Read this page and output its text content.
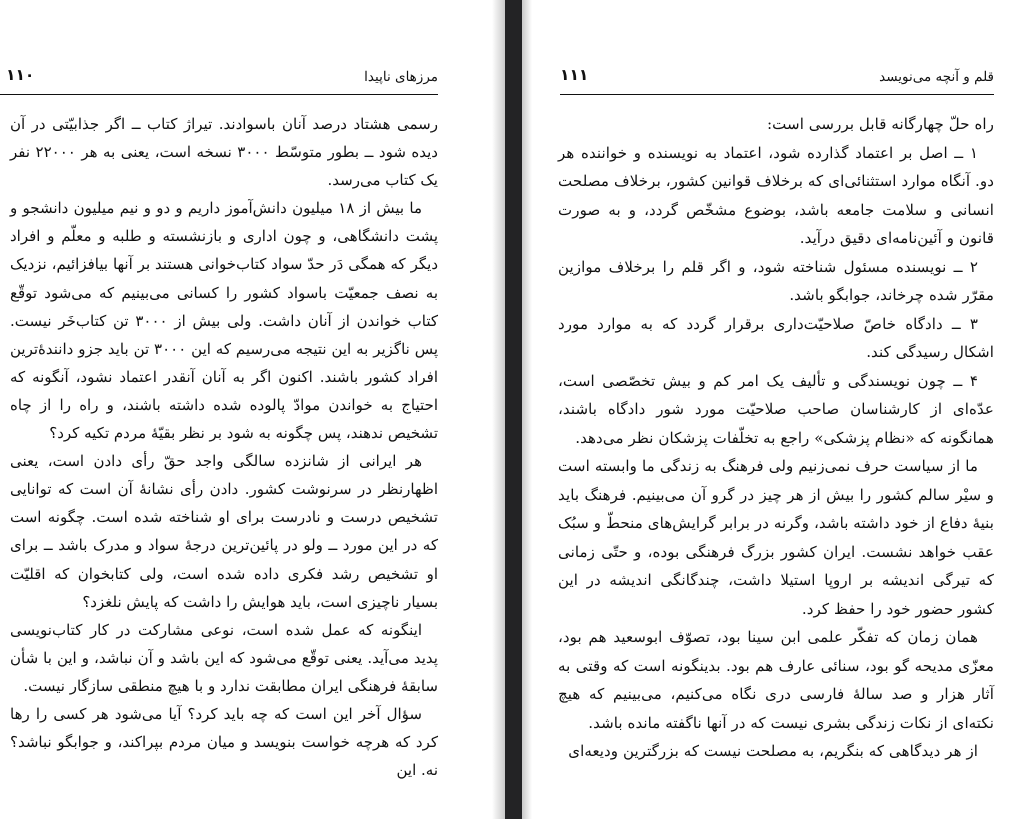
مرزهای ناپیدا
۱۱۰

رسمی هشتاد درصد آنان باسوادند. تیراژ کتاب ــ اگر جذابیّتی در آن دیده شود ــ بطور متوسّط ۳۰۰۰ نسخه است، یعنی به هر ۲۲۰۰۰ نفر یک کتاب می‌رسد.

ما بیش از ۱۸ میلیون دانش‌آموز داریم و دو و نیم میلیون دانشجو و پشت دانشگاهی، و چون اداری و بازنشسته و طلبه و معلّم و افراد دیگر که همگی دَر حدّ سواد کتاب‌خوانی هستند بر آنها بیافزائیم، نزدیک به نصف جمعیّت باسواد کشور را کسانی می‌بینیم که می‌شود توقّع کتاب خواندن از آنان داشت. ولی بیش از ۳۰۰۰ تن کتاب‌خَر نیست. پس ناگزیر به این نتیجه می‌رسیم که این ۳۰۰۰ تن باید جزو دانندهٔ‌ترین افراد کشور باشند. اکنون اگر به آنان آنقدر اعتماد نشود، آنگونه که احتیاج به خواندن موادّ پالوده شده داشته باشند، و راه را از چاه تشخیص ندهند، پس چگونه به شود بر نظر بقیّهٔ مردم تکیه کرد؟

هر ایرانی از شانزده سالگی واجد حقّ رأی دادن است، یعنی اظهارنظر در سرنوشت کشور. دادن رأی نشانهٔ آن است که توانایی تشخیص درست و نادرست برای او شناخته شده است. چگونه است که در این مورد ــ ولو در پائین‌ترین درجهٔ سواد و مدرک باشد ــ برای او تشخیص رشد فکری داده شده است، ولی کتابخوان که اقلیّت بسیار ناچیزی است، باید هوایش را داشت که پایش نلغزد؟

اینگونه که عمل شده است، نوعی مشارکت در کار کتاب‌نویسی پدید می‌آید. یعنی توقّع می‌شود که این باشد و آن نباشد، و این با شأن سابقهٔ فرهنگی ایران مطابقت ندارد و با هیچ منطقی سازگار نیست.

سؤال آخر این است که چه باید کرد؟ آیا می‌شود هر کسی را رها کرد که هرچه خواست بنویسد و میان مردم بپراکند، و جوابگو نباشد؟ نه. این

قلم و آنچه می‌نویسد
۱۱۱

راه حلّ چهارگانه قابل بررسی است:

۱ ــ اصل بر اعتماد گذارده شود، اعتماد به نویسنده و خواننده هر دو. آنگاه موارد استثنائی‌ای که برخلاف قوانین کشور، برخلاف مصلحت انسانی و سلامت جامعه باشد، بوضوع مشخّص گردد، و به صورت قانون و آئین‌نامه‌ای دقیق درآید.

۲ ــ نویسنده مسئول شناخته شود، و اگر قلم را برخلاف موازین مقرّر شده چرخاند، جوابگو باشد.

۳ ــ دادگاه خاصّ صلاحیّت‌داری برقرار گردد که به موارد مورد اشکال رسیدگی کند.

۴ ــ چون نویسندگی و تألیف یک امر کم و بیش تخصّصی است، عدّه‌ای از کارشناسان صاحب صلاحیّت مورد شور دادگاه باشند، همانگونه که «نظام پزشکی» راجع به تخلّفات پزشکان نظر می‌دهد.

ما از سیاست حرف نمی‌زنیم ولی فرهنگ به زندگی ما وابسته است و سیْر سالم کشور را بیش از هر چیز در گرو آن می‌بینیم. فرهنگ باید بنیهٔ دفاع از خود داشته باشد، وگرنه در برابر گرایش‌های منحطّ و سبُک عقب خواهد نشست. ایران کشور بزرگ فرهنگی بوده، و حتّی زمانی که تیرگی اندیشه بر اروپا استیلا داشت، چندگانگی اندیشه در این کشور حضور خود را حفظ کرد.

همان زمان که تفکّر علمی ابن سینا بود، تصوّف ابوسعید هم بود، معزّی مدیحه گو بود، سنائی عارف هم بود. بدینگونه است که وقتی به آثار هزار و صد سالهٔ فارسی دری نگاه می‌کنیم، می‌بینیم که هیچ نکته‌ای از نکات زندگی بشری نیست که در آنها ناگفته مانده باشد.

از هر دیدگاهی که بنگریم، به مصلحت نیست که بزرگترین ودیعه‌ای
